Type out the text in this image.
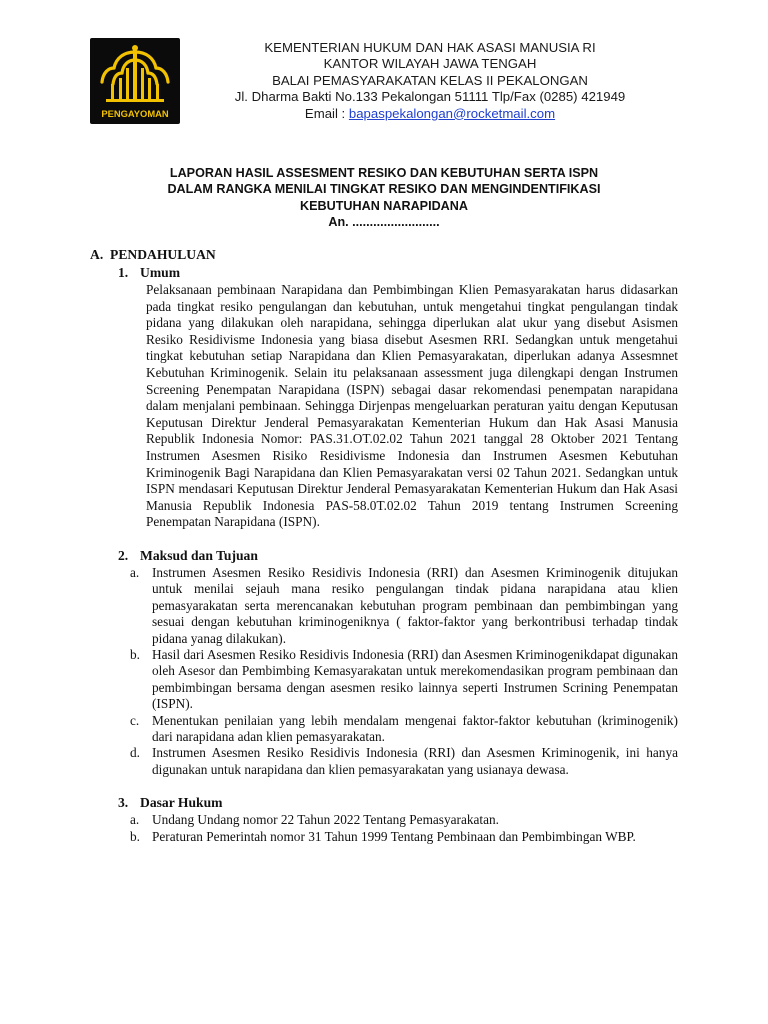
PENGAYOMAN
KEMENTERIAN HUKUM DAN HAK ASASI MANUSIA RI
KANTOR WILAYAH JAWA TENGAH
BALAI PEMASYARAKATAN KELAS II PEKALONGAN
Jl. Dharma Bakti No.133 Pekalongan 51111 Tlp/Fax (0285) 421949
Email : bapaspekalongan@rocketmail.com
LAPORAN HASIL ASSESMENT RESIKO DAN KEBUTUHAN SERTA ISPN
DALAM RANGKA MENILAI TINGKAT RESIKO DAN MENGINDENTIFIKASI
KEBUTUHAN NARAPIDANA
An. .........................
A. PENDAHULUAN
1. Umum

Pelaksanaan pembinaan Narapidana dan Pembimbingan Klien Pemasyarakatan harus didasarkan pada tingkat resiko pengulangan dan kebutuhan, untuk mengetahui tingkat pengulangan tindak pidana yang dilakukan oleh narapidana, sehingga diperlukan alat ukur yang disebut Asismen Resiko Residivisme Indonesia yang biasa disebut Asesmen RRI. Sedangkan untuk mengetahui tingkat kebutuhan setiap Narapidana dan Klien Pemasyarakatan, diperlukan adanya Assesmnet Kebutuhan Kriminogenik. Selain itu pelaksanaan assessment juga dilengkapi dengan Instrumen Screening Penempatan Narapidana (ISPN) sebagai dasar rekomendasi penempatan narapidana dalam menjalani pembinaan. Sehingga Dirjenpas mengeluarkan peraturan yaitu dengan Keputusan Keputusan Direktur Jenderal Pemasyarakatan Kementerian Hukum dan Hak Asasi Manusia Republik Indonesia Nomor: PAS.31.OT.02.02 Tahun 2021 tanggal 28 Oktober 2021 Tentang Instrumen Asesmen Risiko Residivisme Indonesia dan Instrumen Asesmen Kebutuhan Kriminogenik Bagi Narapidana dan Klien Pemasyarakatan versi 02 Tahun 2021. Sedangkan untuk ISPN mendasari Keputusan Direktur Jenderal Pemasyarakatan Kementerian Hukum dan Hak Asasi Manusia Republik Indonesia PAS-58.0T.02.02 Tahun 2019 tentang Instrumen Screening Penempatan Narapidana (ISPN).

2. Maksud dan Tujuan
a. Instrumen Asesmen Resiko Residivis Indonesia (RRI) dan Asesmen Kriminogenik ditujukan untuk menilai sejauh mana resiko pengulangan tindak pidana narapidana atau klien pemasyarakatan serta merencanakan kebutuhan program pembinaan dan pembimbingan yang sesuai dengan kebutuhan kriminogeniknya ( faktor-faktor yang berkontribusi terhadap tindak pidana yanag dilakukan).
b. Hasil dari Asesmen Resiko Residivis Indonesia (RRI) dan Asesmen Kriminogenikdapat digunakan oleh Asesor dan Pembimbing Kemasyarakatan untuk merekomendasikan program pembinaan dan pembimbingan bersama dengan asesmen resiko lainnya seperti Instrumen Scrining Penempatan (ISPN).
c. Menentukan penilaian yang lebih mendalam mengenai faktor-faktor kebutuhan (kriminogenik) dari narapidana adan klien pemasyarakatan.
d. Instrumen Asesmen Resiko Residivis Indonesia (RRI) dan Asesmen Kriminogenik, ini hanya digunakan untuk narapidana dan klien pemasyarakatan yang usianaya dewasa.
3. Dasar Hukum
a. Undang Undang nomor 22 Tahun 2022 Tentang Pemasyarakatan.
b. Peraturan Pemerintah nomor 31 Tahun 1999 Tentang Pembinaan dan Pembimbingan WBP.
